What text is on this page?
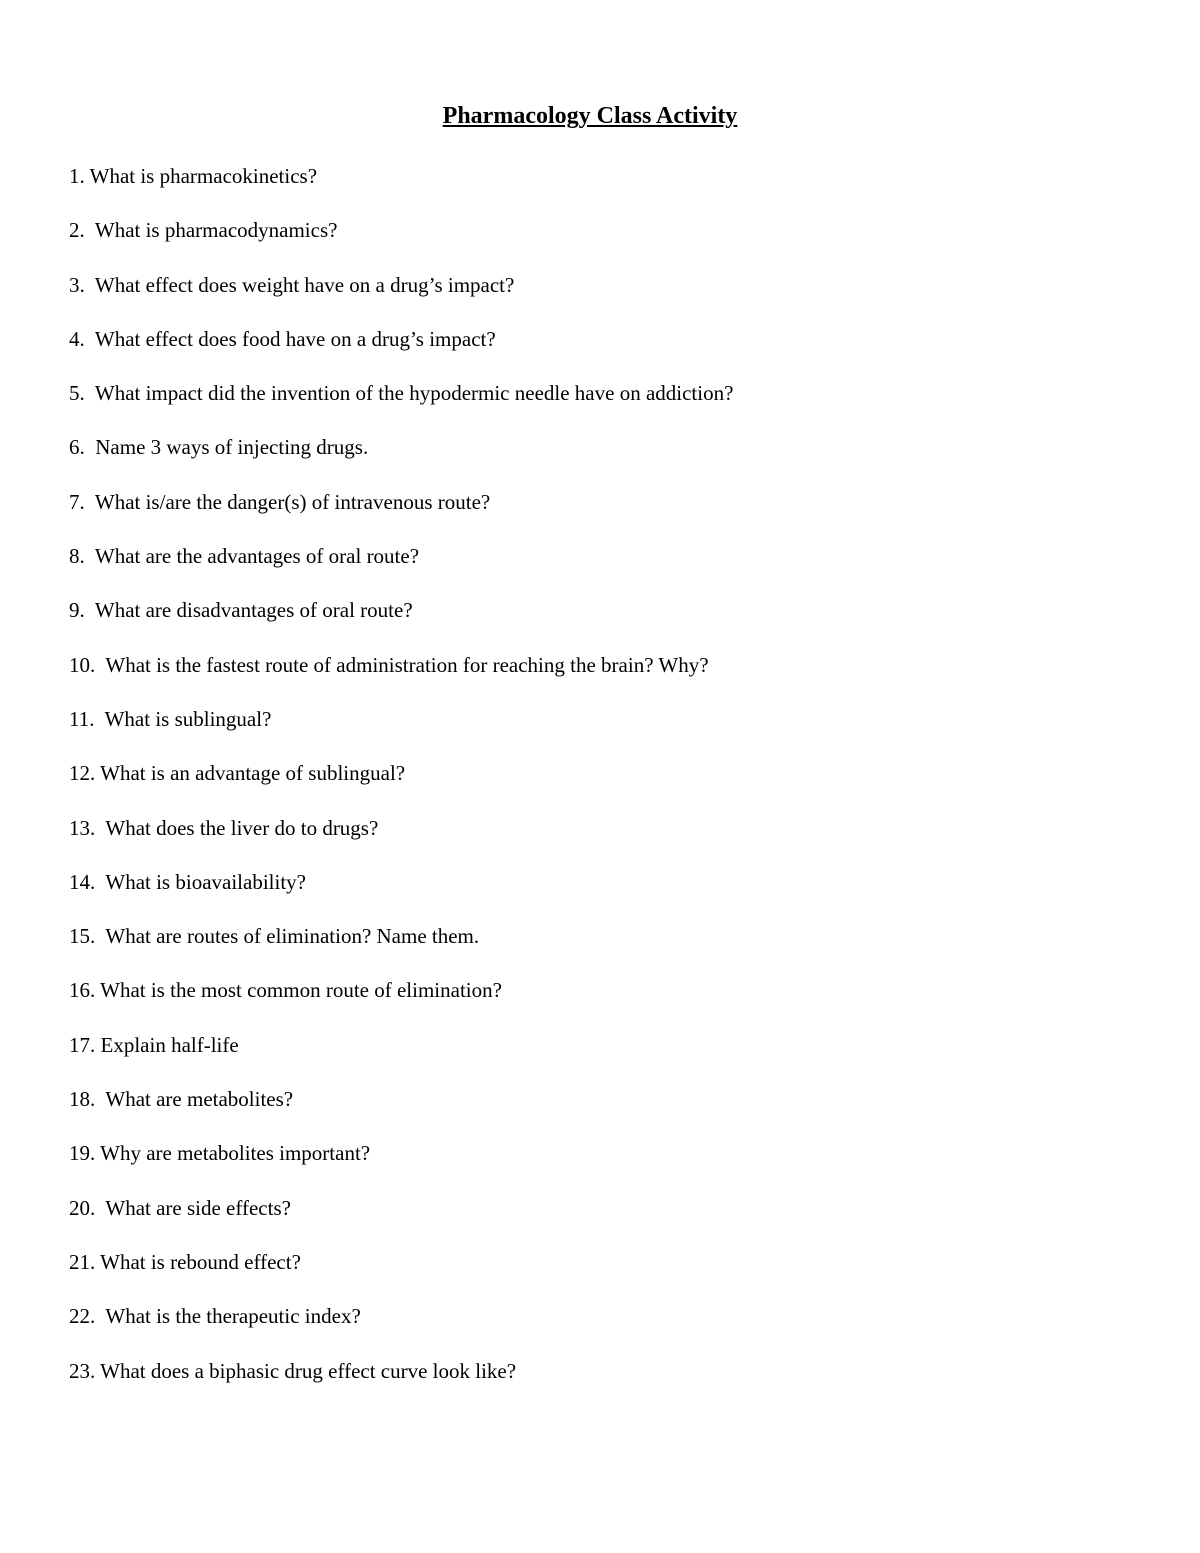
Pharmacology Class Activity
1. What is pharmacokinetics?
2.  What is pharmacodynamics?
3.  What effect does weight have on a drug’s impact?
4.  What effect does food have on a drug’s impact?
5.  What impact did the invention of the hypodermic needle have on addiction?
6.  Name 3 ways of injecting drugs.
7.  What is/are the danger(s) of intravenous route?
8.  What are the advantages of oral route?
9.  What are disadvantages of oral route?
10.  What is the fastest route of administration for reaching the brain? Why?
11.  What is sublingual?
12. What is an advantage of sublingual?
13.  What does the liver do to drugs?
14.  What is bioavailability?
15.  What are routes of elimination? Name them.
16. What is the most common route of elimination?
17. Explain half-life
18.  What are metabolites?
19. Why are metabolites important?
20.  What are side effects?
21. What is rebound effect?
22.  What is the therapeutic index?
23. What does a biphasic drug effect curve look like?
